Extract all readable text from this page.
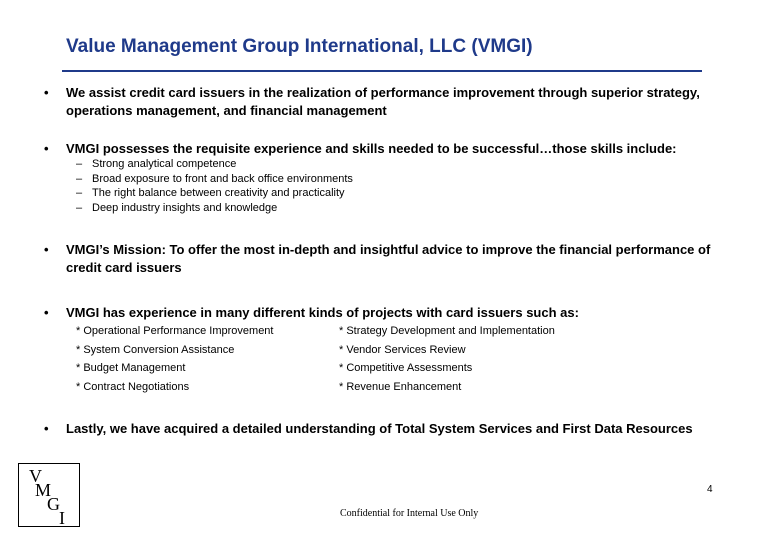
Value Management Group International, LLC (VMGI)
• We assist credit card issuers in the realization of performance improvement through superior strategy, operations management, and financial management
• VMGI possesses the requisite experience and skills needed to be successful…those skills include:
– Strong analytical competence
– Broad exposure to front and back office environments
– The right balance between creativity and practicality
– Deep industry insights and knowledge
• VMGI’s Mission: To offer the most in-depth and insightful advice to improve the financial performance of credit card issuers
• VMGI has experience in many different kinds of projects with card issuers such as:
* Operational Performance Improvement
* System Conversion Assistance
* Budget Management
* Contract Negotiations
* Strategy Development and Implementation
* Vendor Services Review
* Competitive Assessments
* Revenue Enhancement
• Lastly, we have acquired a detailed understanding of Total System Services and First Data Resources
V
M
G
I
4
Confidential for Internal Use Only
